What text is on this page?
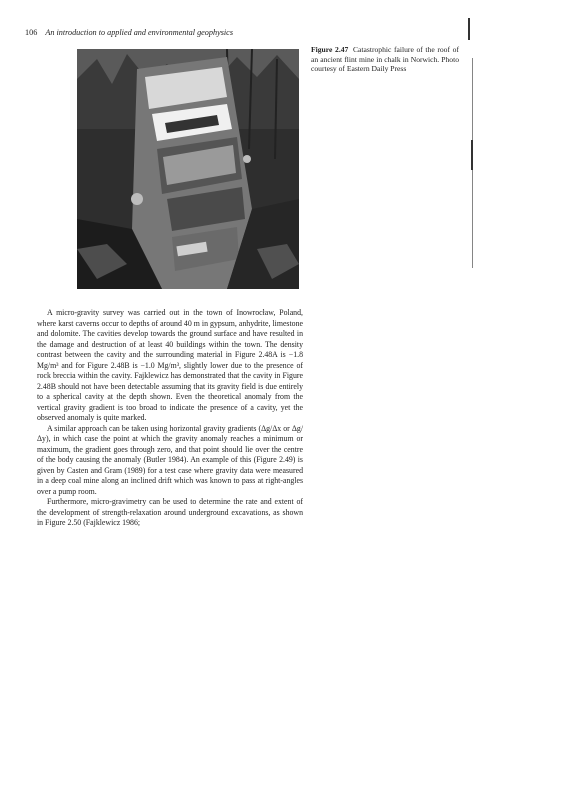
106 An introduction to applied and environmental geophysics

Figure 2.47 Catastrophic failure of the roof of an ancient flint mine in chalk in Norwich. Photo courtesy of Eastern Daily Press

A micro-gravity survey was carried out in the town of Inowrocław, Poland, where karst caverns occur to depths of around 40 m in gypsum, anhydrite, limestone and dolomite. The cavities develop towards the ground surface and have resulted in the damage and destruction of at least 40 buildings within the town. The density contrast between the cavity and the surrounding material in Figure 2.48A is −1.8 Mg/m³ and for Figure 2.48B is −1.0 Mg/m³, slightly lower due to the presence of rock breccia within the cavity. Fajklewicz has demonstrated that the cavity in Figure 2.48B should not have been detectable assuming that its gravity field is due entirely to a spherical cavity at the depth shown. Even the theoretical anomaly from the vertical gravity gradient is too broad to indicate the presence of a cavity, yet the observed anomaly is quite marked.

A similar approach can be taken using horizontal gravity gradients (Δg/Δx or Δg/Δy), in which case the point at which the gravity anomaly reaches a minimum or maximum, the gradient goes through zero, and that point should lie over the centre of the body causing the anomaly (Butler 1984). An example of this (Figure 2.49) is given by Casten and Gram (1989) for a test case where gravity data were measured in a deep coal mine along an inclined drift which was known to pass at right-angles over a pump room.

Furthermore, micro-gravimetry can be used to determine the rate and extent of the development of strength-relaxation around underground excavations, as shown in Figure 2.50 (Fajklewicz 1986;
